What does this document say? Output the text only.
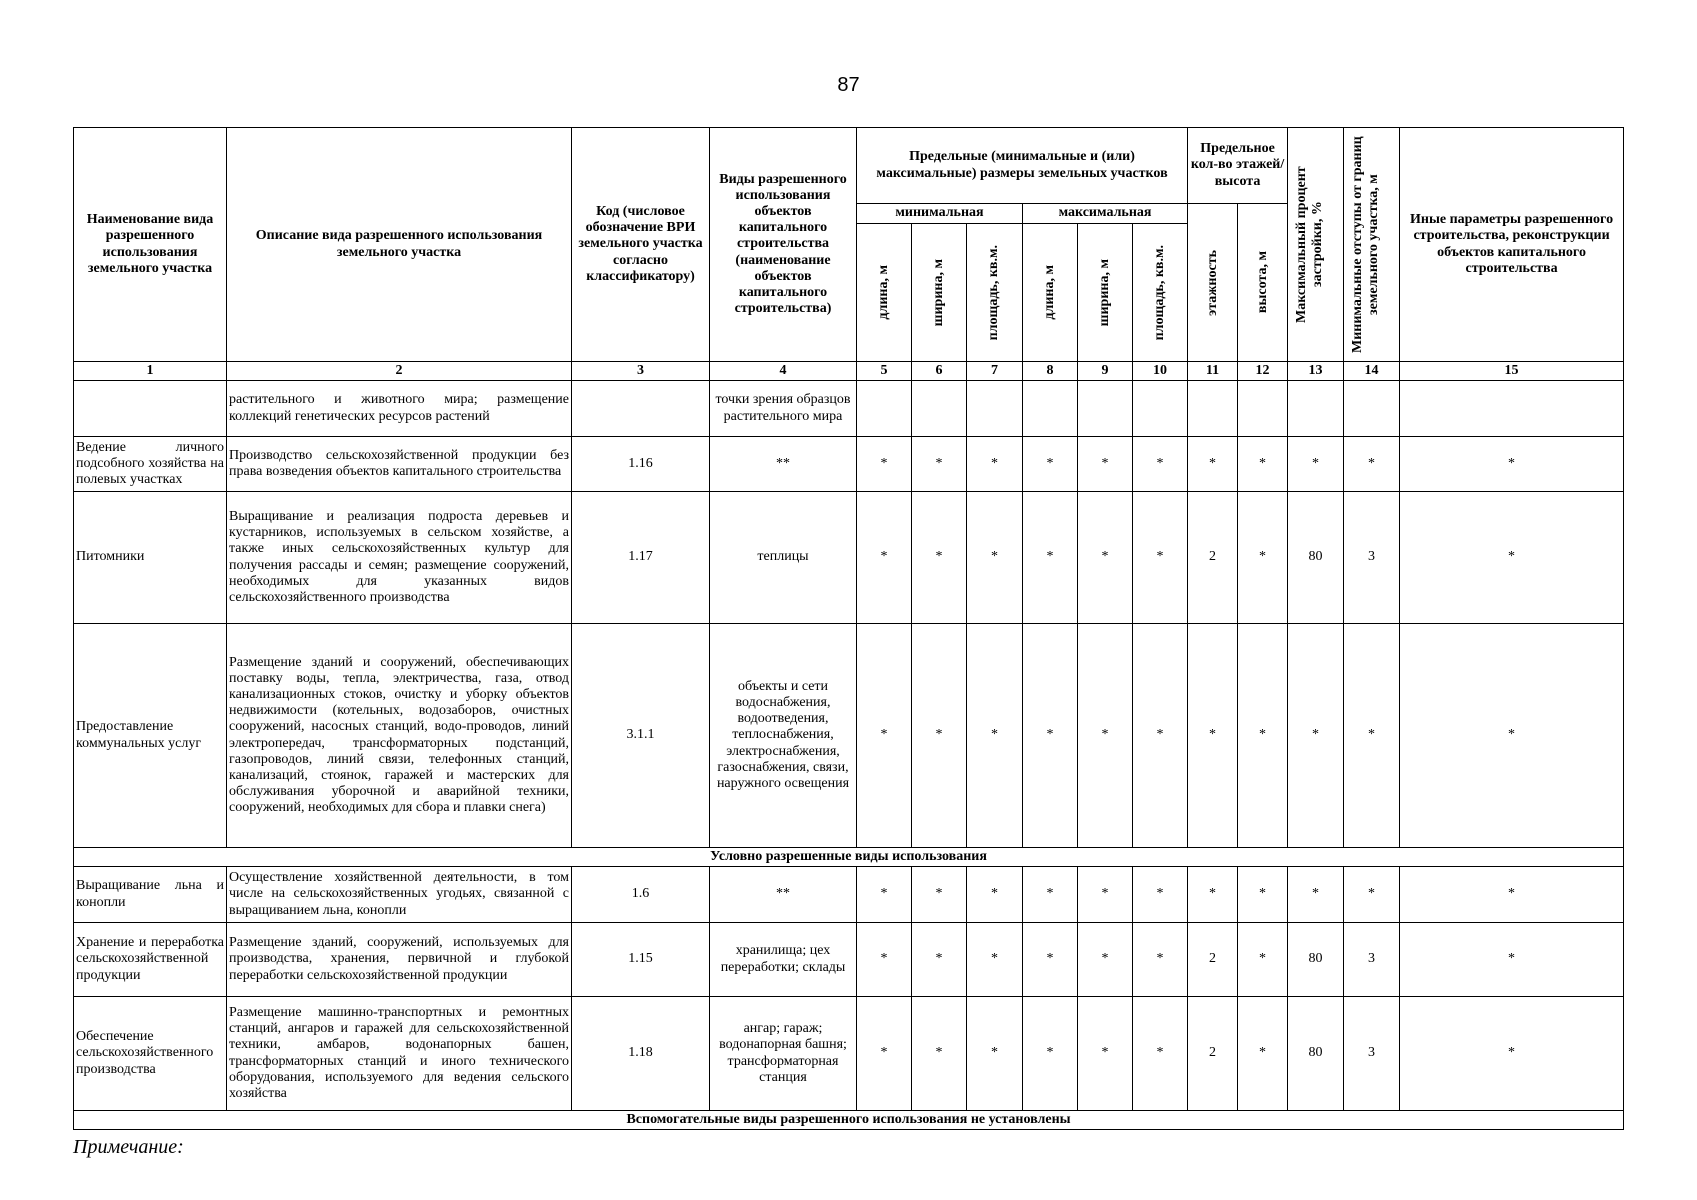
87
Наименование вида разрешенного использования земельного участка	Описание вида разрешенного использования земельного участка	Код (числовое обозначение ВРИ земельного участка согласно классификатору)	Виды разрешенного использования объектов капитального строительства (наименование объектов капитального строительства)	Предельные (минимальные и (или) максимальные) размеры земельных участков						Предельное кол-во этажей/ высота		Максимальный процент застройки, %	Минимальные отступы от границ земельного участка, м	Иные параметры разрешенного строительства, реконструкции объектов капитального строительства
				минимальная			максимальная			этажность	высота, м			

				длина, м	ширина, м	площадь, кв.м.	длина, м	ширина, м	площадь, кв.м.					

1	2	3	4	5	6	7	8	9	10	11	12	13	14	15
	растительного и животного мира; размещение коллекций генетических ресурсов растений		точки зрения образцов растительного мира											
Ведение личного подсобного хозяйства на полевых участках	Производство сельскохозяйственной продукции без права возведения объектов капитального строительства	1.16	**	*	*	*	*	*	*	*	*	*	*	*
Питомники	Выращивание и реализация подроста деревьев и кустарников, используемых в сельском хозяйстве, а также иных сельскохозяйственных культур для получения рассады и семян; размещение сооружений, необходимых для указанных видов сельскохозяйственного производства	1.17	теплицы	*	*	*	*	*	*	2	*	80	3	*
Предоставление коммунальных услуг	Размещение зданий и сооружений, обеспечивающих поставку воды, тепла, электричества, газа, отвод канализационных стоков, очистку и уборку объектов недвижимости (котельных, водозаборов, очистных сооружений, насосных станций, водо-проводов, линий электропередач, трансформаторных подстанций, газопроводов, линий связи, телефонных станций, канализаций, стоянок, гаражей и мастерских для обслуживания уборочной и аварийной техники, сооружений, необходимых для сбора и плавки снега)	3.1.1	объекты и сети водоснабжения, водоотведения, теплоснабжения, электроснабжения, газоснабжения, связи, наружного освещения	*	*	*	*	*	*	*	*	*	*	*
Условно разрешенные виды использования														
Выращивание льна и конопли	Осуществление хозяйственной деятельности, в том числе на сельскохозяйственных угодьях, связанной с выращиванием льна, конопли	1.6	**	*	*	*	*	*	*	*	*	*	*	*
Хранение и переработка сельскохозяйственной продукции	Размещение зданий, сооружений, используемых для производства, хранения, первичной и глубокой переработки сельскохозяйственной продукции	1.15	хранилища; цех переработки; склады	*	*	*	*	*	*	2	*	80	3	*
Обеспечение сельскохозяйственного производства	Размещение машинно-транспортных и ремонтных станций, ангаров и гаражей для сельскохозяйственной техники, амбаров, водонапорных башен, трансформаторных станций и иного технического оборудования, используемого для ведения сельского хозяйства	1.18	ангар; гараж; водонапорная башня; трансформаторная станция	*	*	*	*	*	*	2	*	80	3	*
Вспомогательные виды разрешенного использования не установлены														
Примечание:
